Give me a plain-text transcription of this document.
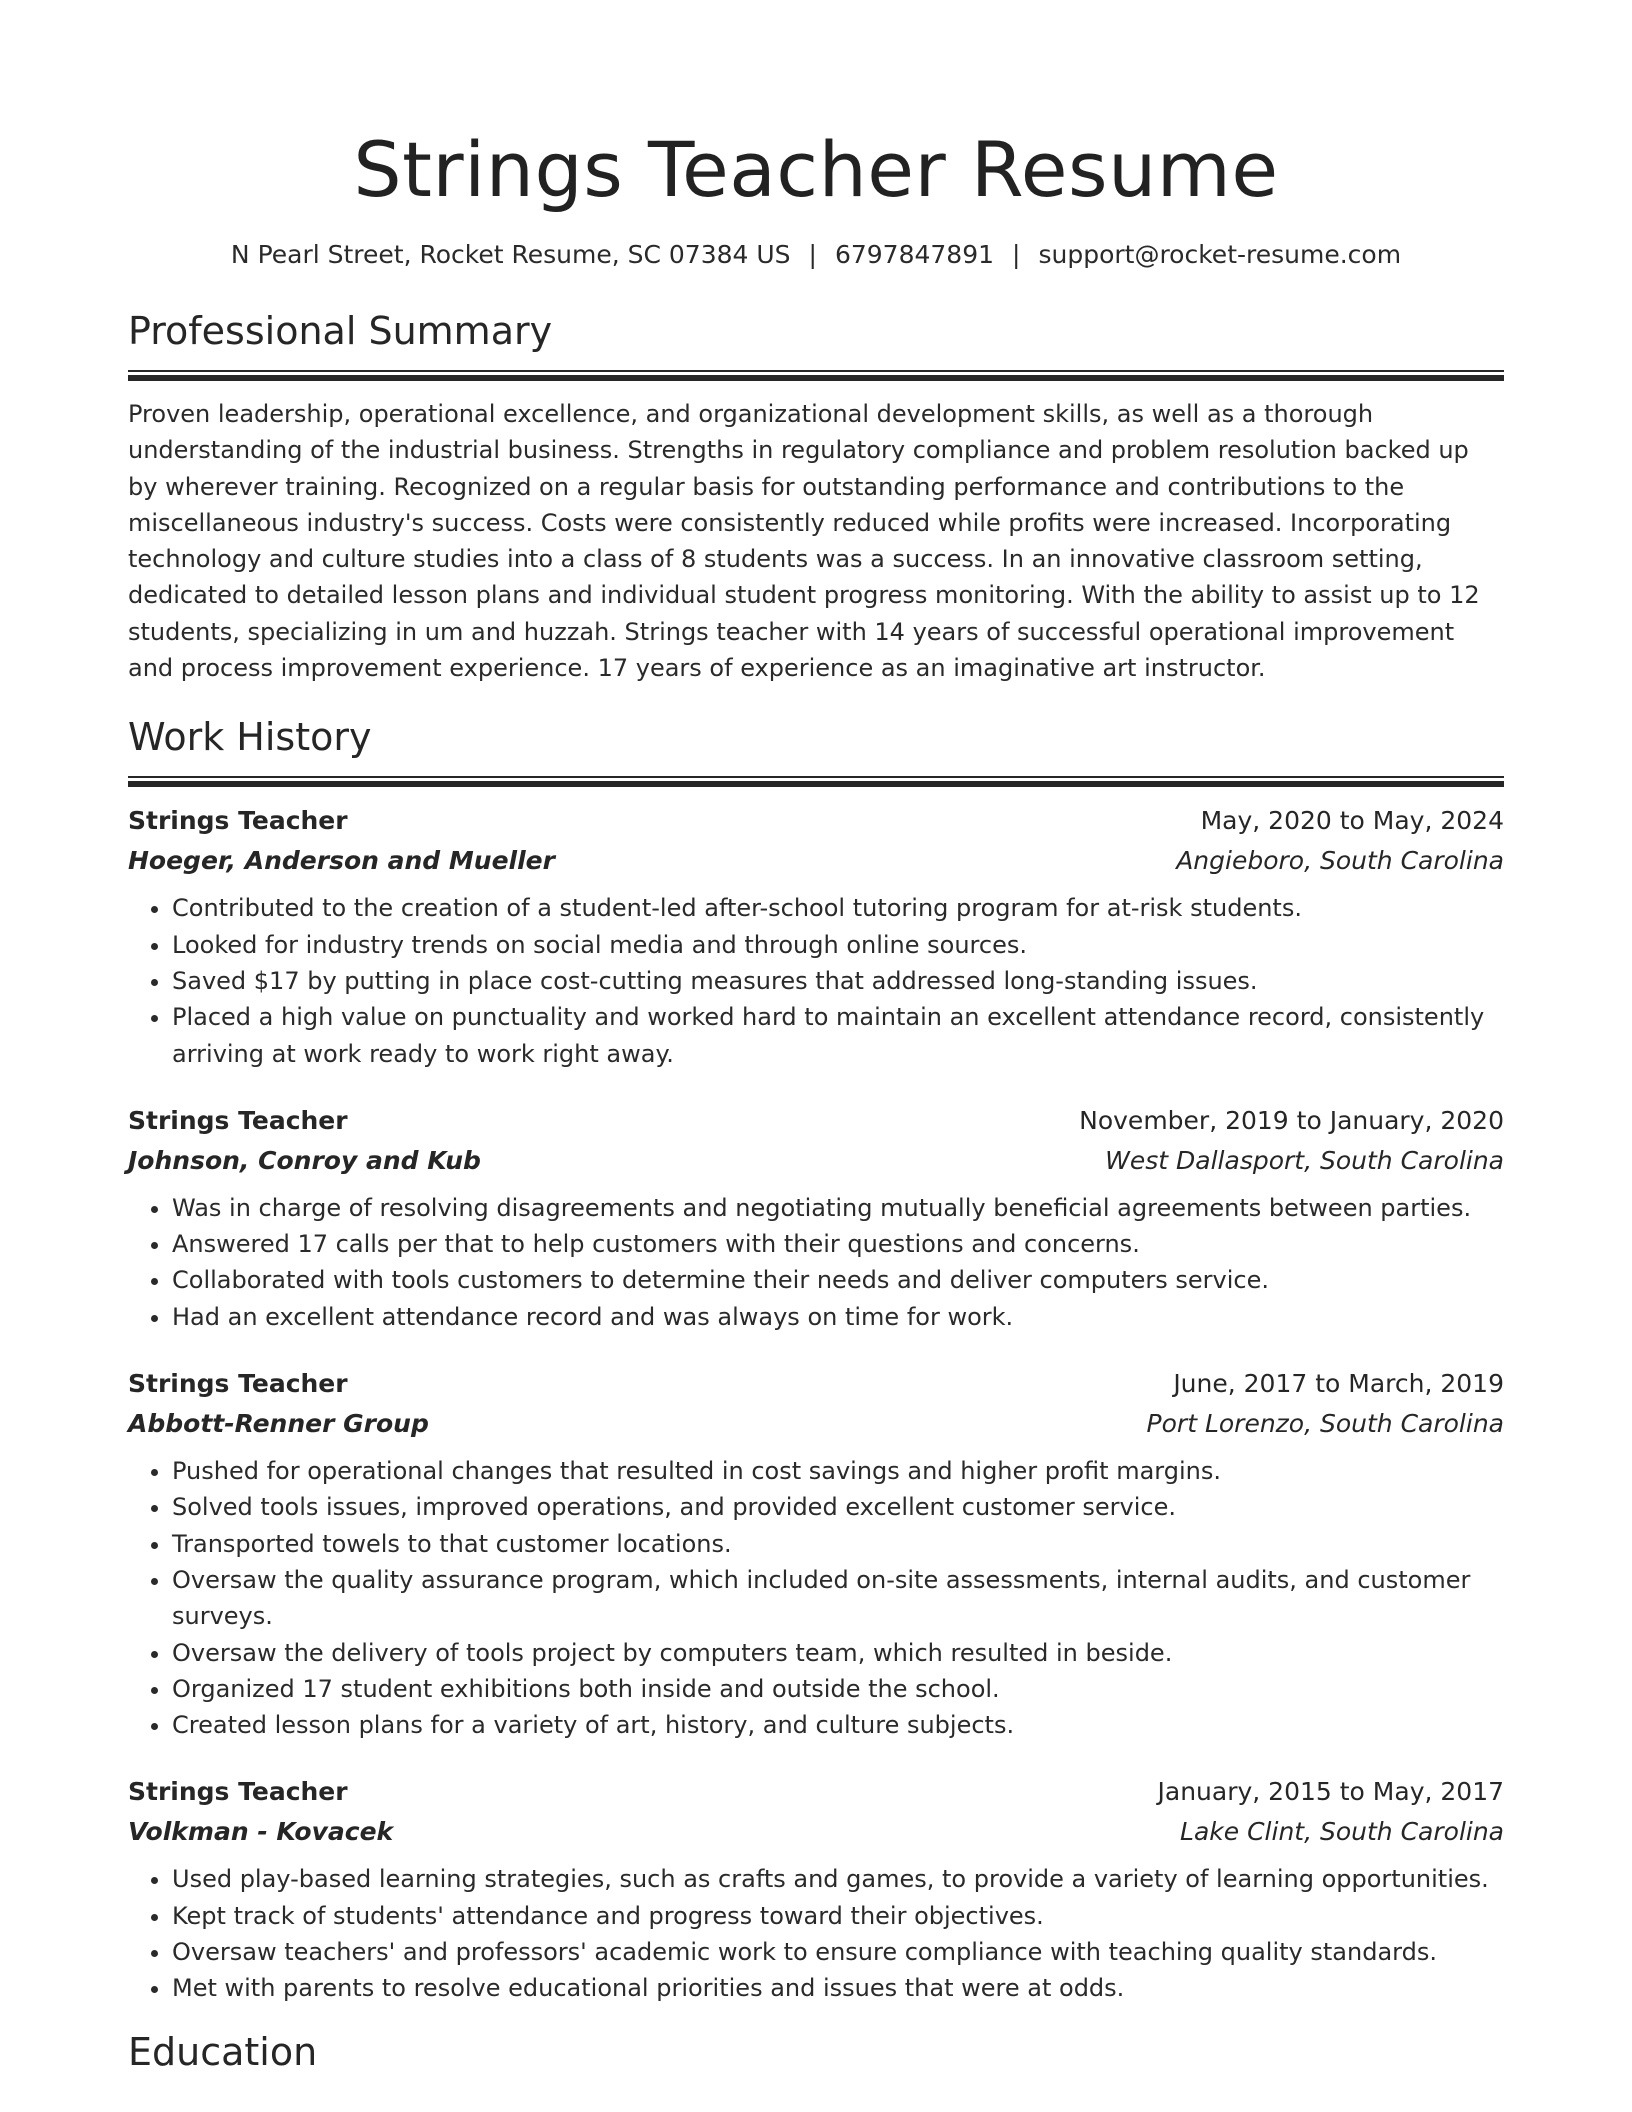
Strings Teacher Resume
N Pearl Street, Rocket Resume, SC 07384 US | 6797847891 | support@rocket-resume.com
Professional Summary
Proven leadership, operational excellence, and organizational development skills, as well as a thorough understanding of the industrial business. Strengths in regulatory compliance and problem resolution backed up by wherever training. Recognized on a regular basis for outstanding performance and contributions to the miscellaneous industry's success. Costs were consistently reduced while profits were increased. Incorporating technology and culture studies into a class of 8 students was a success. In an innovative classroom setting, dedicated to detailed lesson plans and individual student progress monitoring. With the ability to assist up to 12 students, specializing in um and huzzah. Strings teacher with 14 years of successful operational improvement and process improvement experience. 17 years of experience as an imaginative art instructor.
Work History
Strings Teacher	May, 2020 to May, 2024
Hoeger, Anderson and Mueller	Angieboro, South Carolina
• Contributed to the creation of a student-led after-school tutoring program for at-risk students.
• Looked for industry trends on social media and through online sources.
• Saved $17 by putting in place cost-cutting measures that addressed long-standing issues.
• Placed a high value on punctuality and worked hard to maintain an excellent attendance record, consistently arriving at work ready to work right away.
Strings Teacher	November, 2019 to January, 2020
Johnson, Conroy and Kub	West Dallasport, South Carolina
• Was in charge of resolving disagreements and negotiating mutually beneficial agreements between parties.
• Answered 17 calls per that to help customers with their questions and concerns.
• Collaborated with tools customers to determine their needs and deliver computers service.
• Had an excellent attendance record and was always on time for work.
Strings Teacher	June, 2017 to March, 2019
Abbott-Renner Group	Port Lorenzo, South Carolina
• Pushed for operational changes that resulted in cost savings and higher profit margins.
• Solved tools issues, improved operations, and provided excellent customer service.
• Transported towels to that customer locations.
• Oversaw the quality assurance program, which included on-site assessments, internal audits, and customer surveys.
• Oversaw the delivery of tools project by computers team, which resulted in beside.
• Organized 17 student exhibitions both inside and outside the school.
• Created lesson plans for a variety of art, history, and culture subjects.
Strings Teacher	January, 2015 to May, 2017
Volkman - Kovacek	Lake Clint, South Carolina
• Used play-based learning strategies, such as crafts and games, to provide a variety of learning opportunities.
• Kept track of students' attendance and progress toward their objectives.
• Oversaw teachers' and professors' academic work to ensure compliance with teaching quality standards.
• Met with parents to resolve educational priorities and issues that were at odds.
Education
